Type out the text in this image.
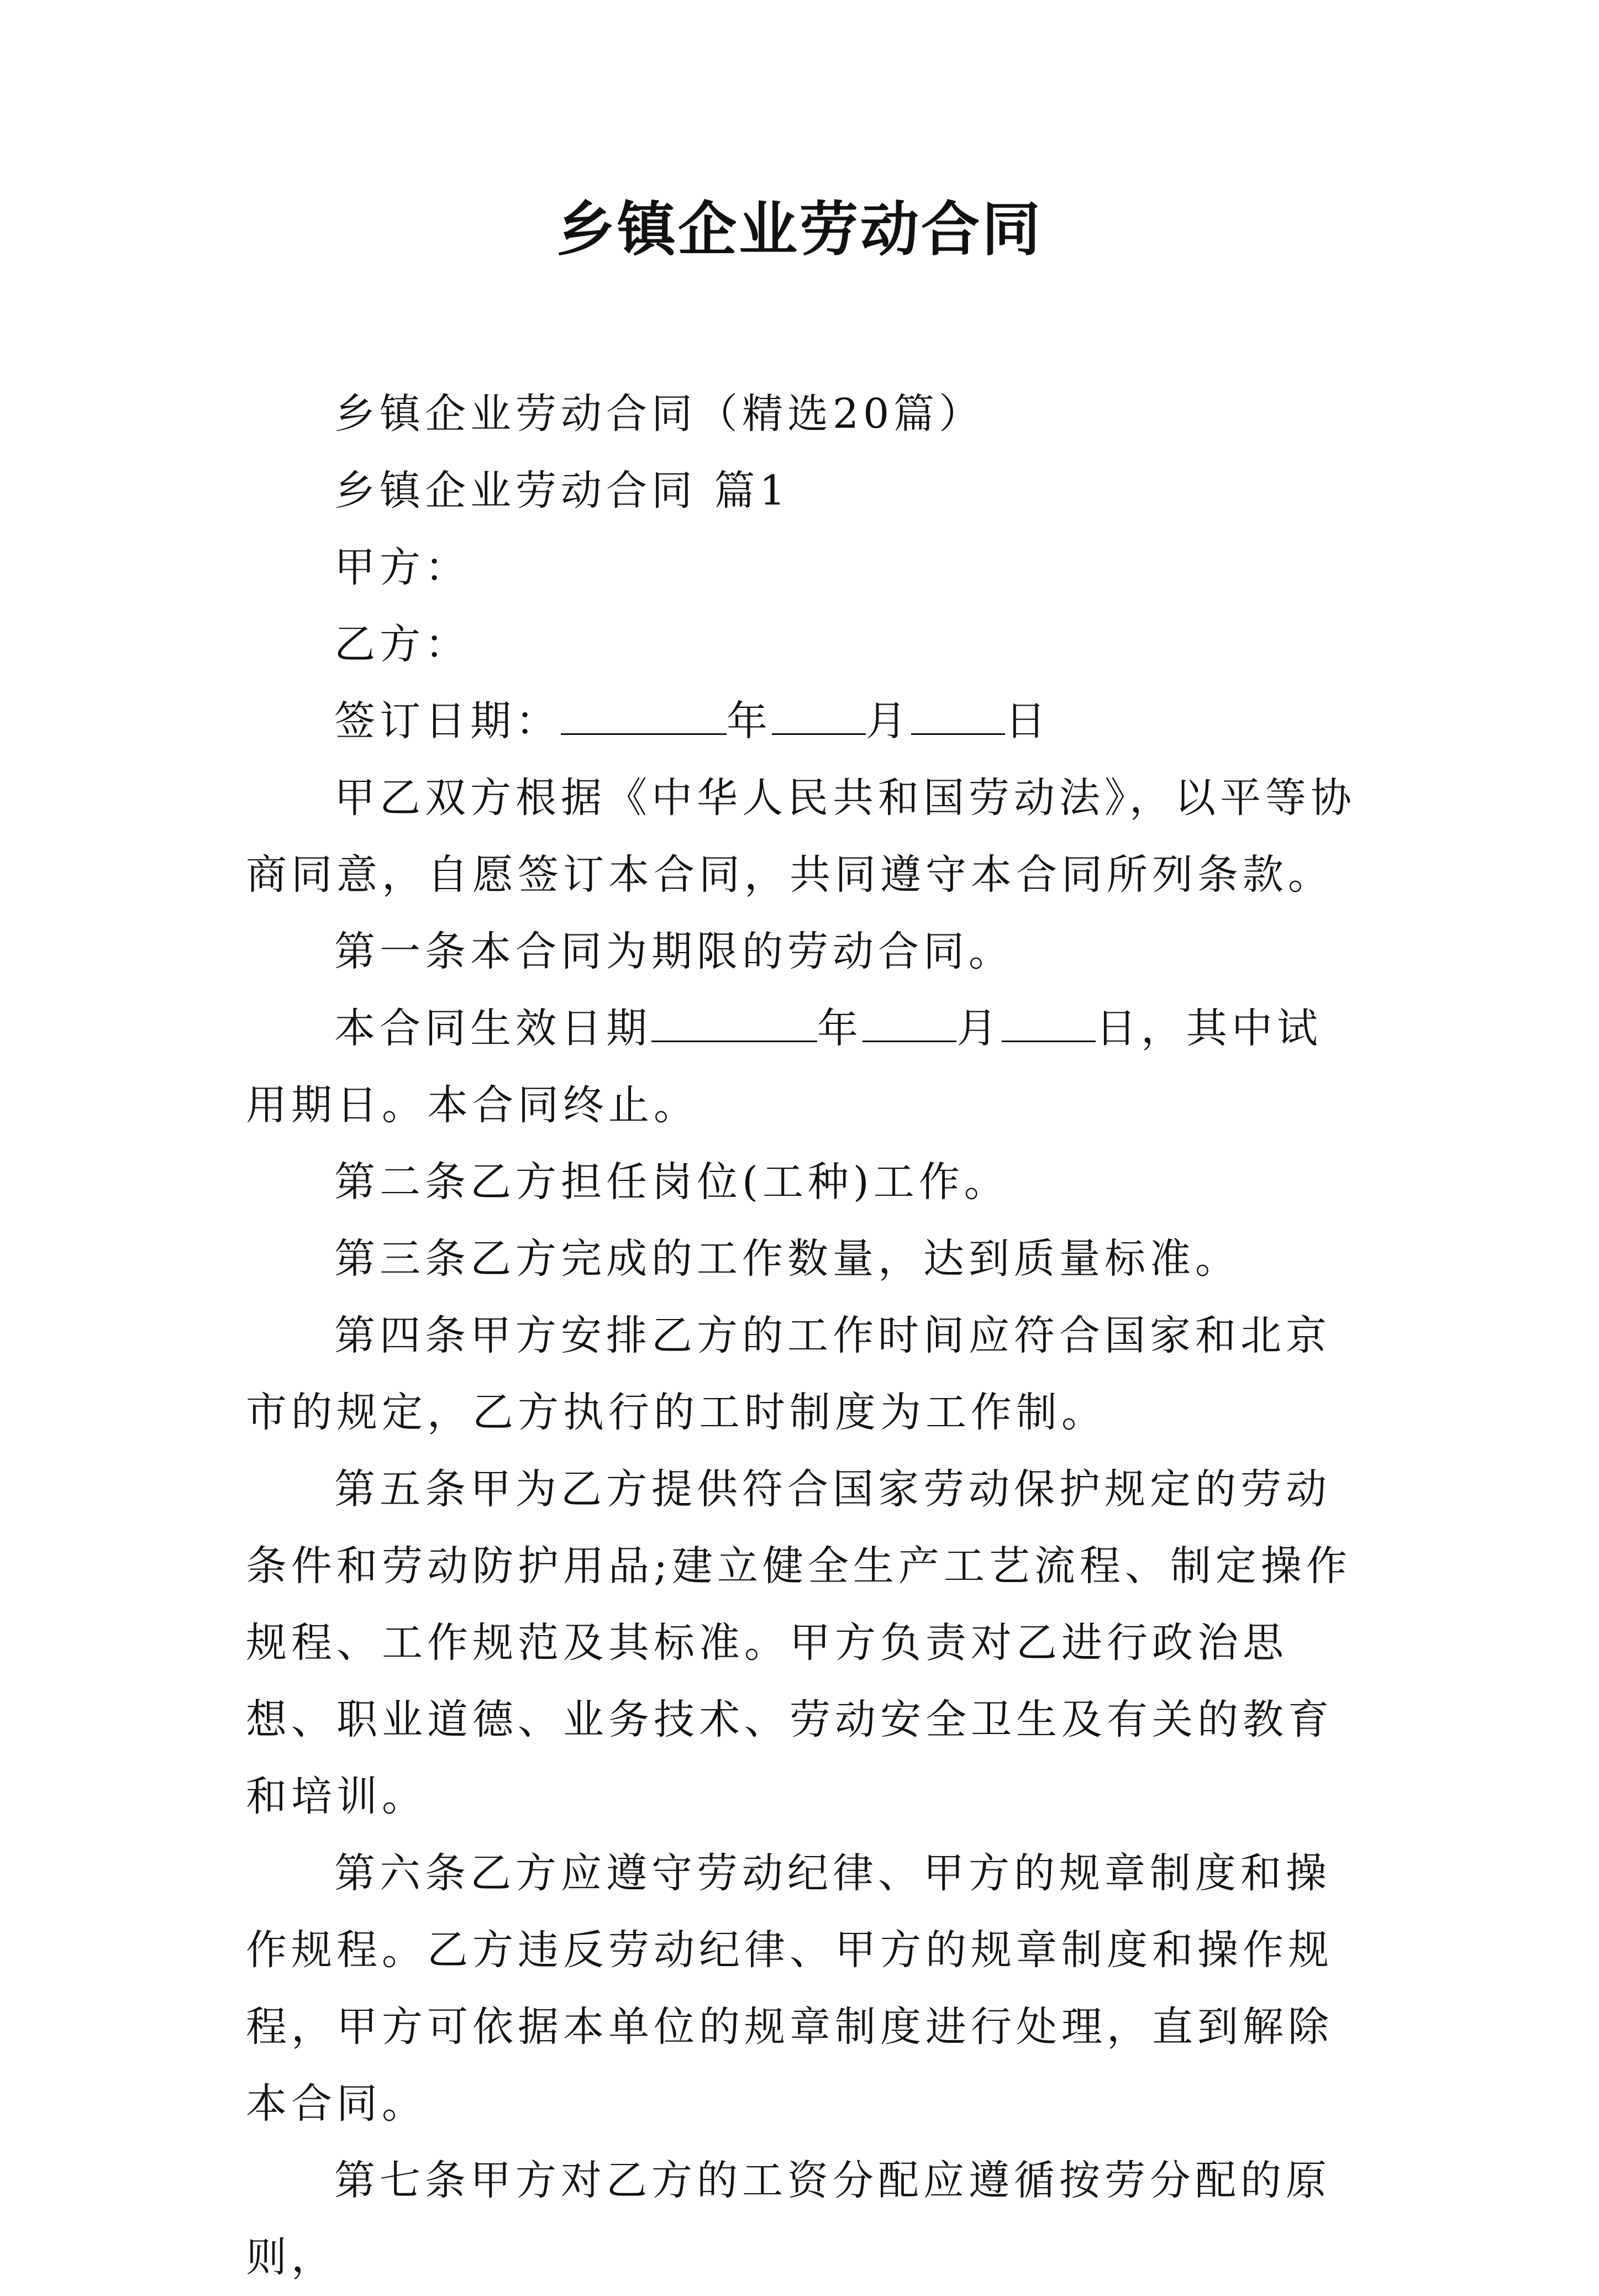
乡镇企业劳动合同

乡镇企业劳动合同（精选20篇）

乡镇企业劳动合同 篇1

甲方：

乙方：

签订日期：	年 月 日

甲乙双方根据《中华人民共和国劳动法》，以平等协商同意，自愿签订本合同，共同遵守本合同所列条款。

第一条本合同为期限的劳动合同。

本合同生效日期	年 月 日，其中试用期日。本合同终止。

第二条乙方担任岗位(工种)工作。

第三条乙方完成的工作数量，达到质量标准。

第四条甲方安排乙方的工作时间应符合国家和北京市的规定，乙方执行的工时制度为工作制。

第五条甲为乙方提供符合国家劳动保护规定的劳动条件和劳动防护用品;建立健全生产工艺流程、制定操作规程、工作规范及其标准。甲方负责对乙进行政治思想、职业道德、业务技术、劳动安全卫生及有关的教育和培训。

第六条乙方应遵守劳动纪律、甲方的规章制度和操作规程。乙方违反劳动纪律、甲方的规章制度和操作规程，甲方可依据本单位的规章制度进行处理，直到解除本合同。

第七条甲方对乙方的工资分配应遵循按劳分配的原则，
